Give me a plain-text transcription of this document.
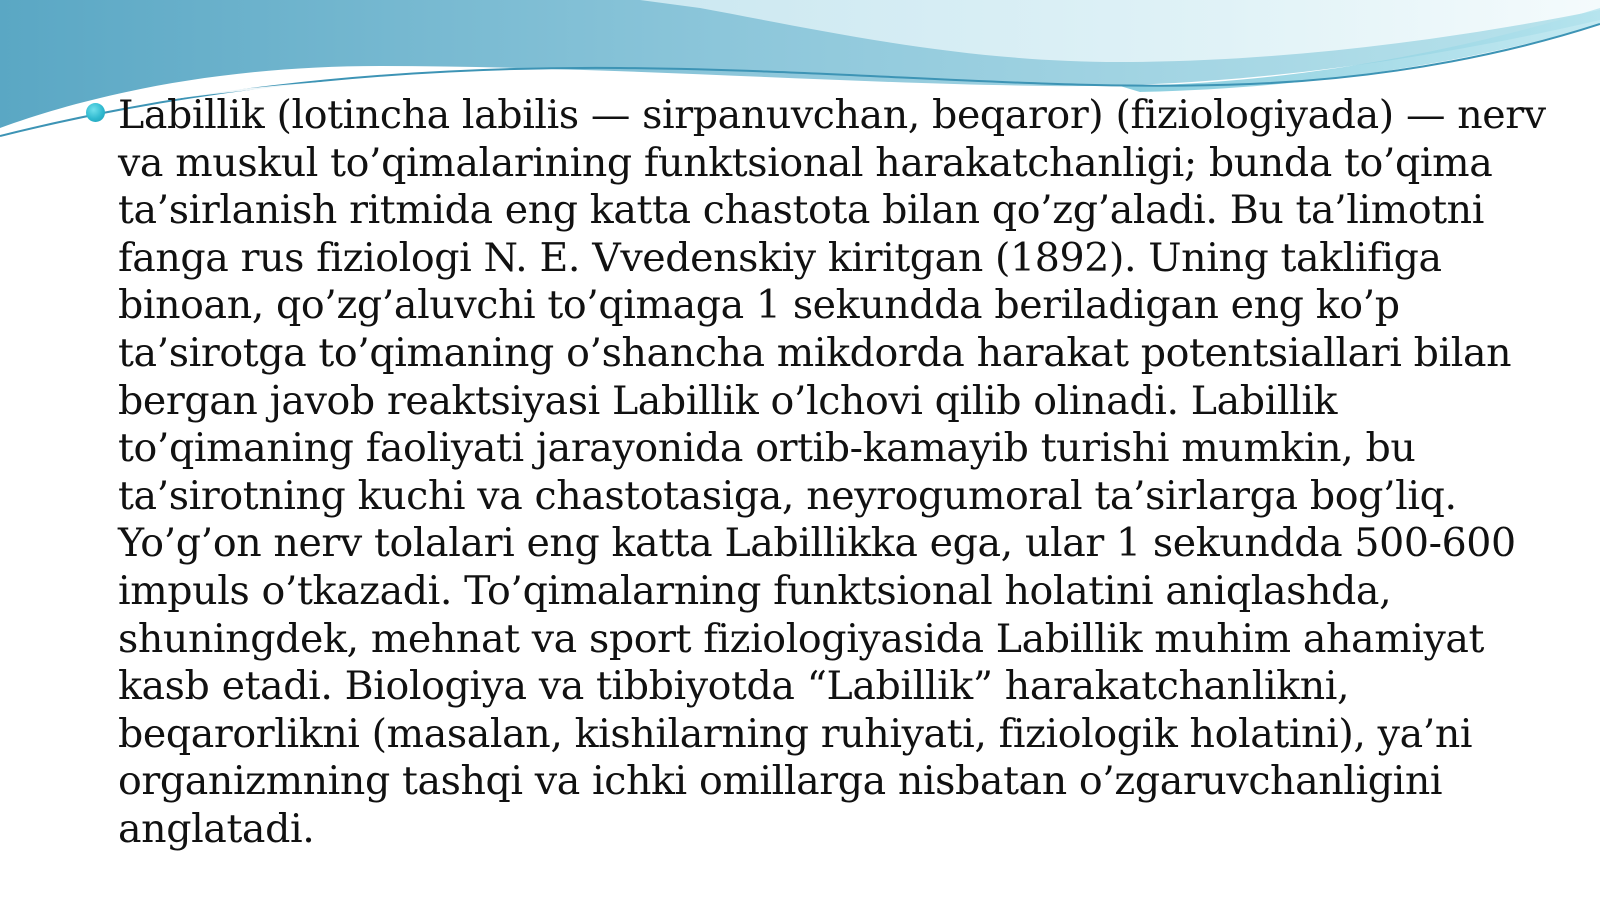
Labillik (lotincha labilis — sirpanuvchan, beqaror) (fiziologiyada) — nerv va muskul to’qimalarining funktsional harakatchanligi; bunda to’qima ta’sirlanish ritmida eng katta chastota bilan qo’zg’aladi. Bu ta’limotni fanga rus fiziologi N. E. Vvedenskiy kiritgan (1892). Uning taklifiga binoan, qo’zg’aluvchi to’qimaga 1 sekundda beriladigan eng ko’p ta’sirotga to’qimaning o’shancha mikdorda harakat potentsiallari bilan bergan javob reaktsiyasi Labillik o’lchovi qilib olinadi. Labillik to’qimaning faoliyati jarayonida ortib-kamayib turishi mumkin, bu ta’sirotning kuchi va chastotasiga, neyrogumoral ta’sirlarga bog’liq. Yo’g’on nerv tolalari eng katta Labillikka ega, ular 1 sekundda 500-600 impuls o’tkazadi. To’qimalarning funktsional holatini aniqlashda, shuningdek, mehnat va sport fiziologiyasida Labillik muhim ahamiyat kasb etadi. Biologiya va tibbiyotda “Labillik” harakatchanlikni, beqarorlikni (masalan, kishilarning ruhiyati, fiziologik holatini), ya’ni organizmning tashqi va ichki omillarga nisbatan o’zgaruvchanligini anglatadi.
